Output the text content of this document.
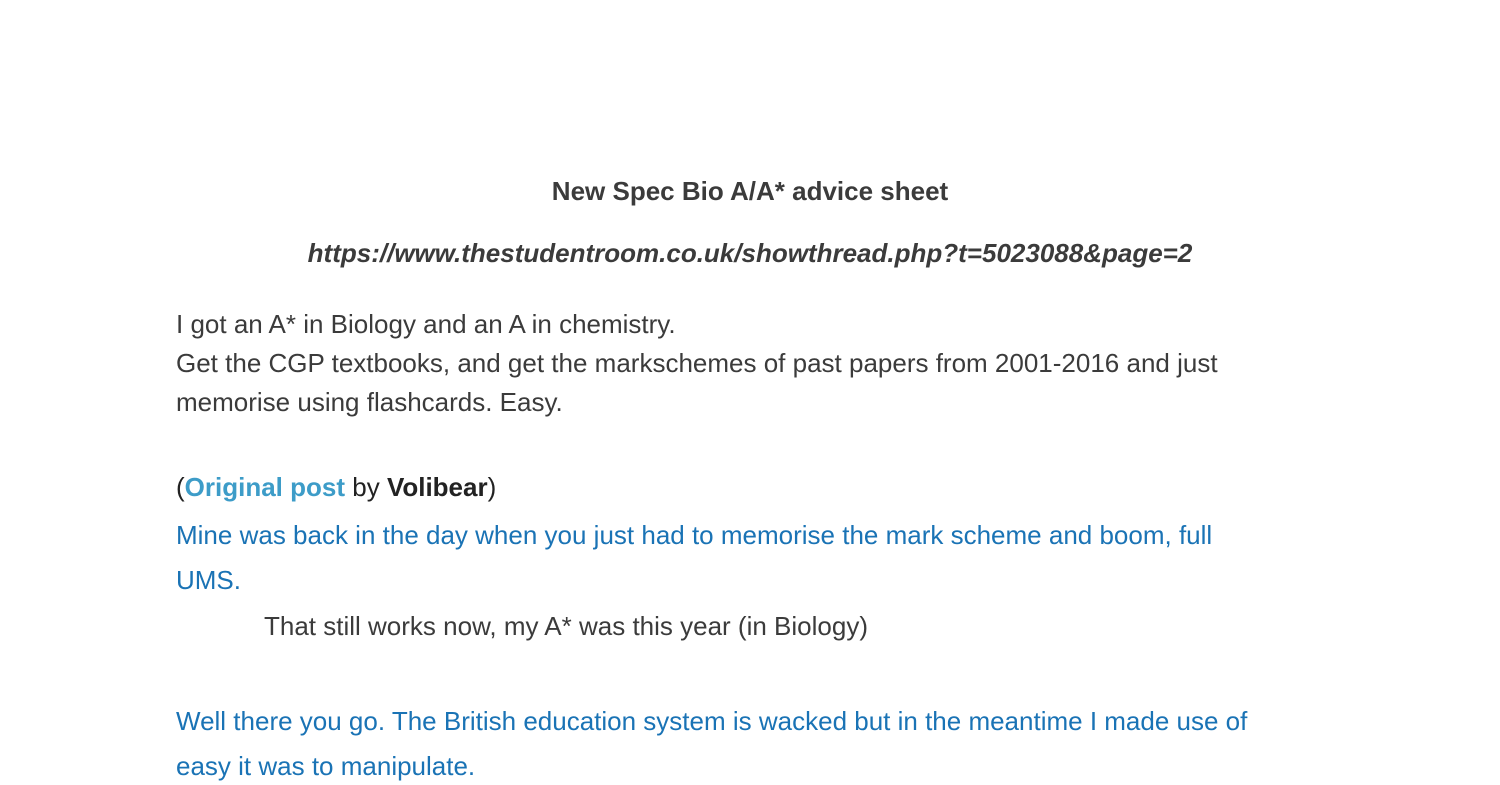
New Spec Bio A/A* advice sheet

https://www.thestudentroom.co.uk/showthread.php?t=5023088&page=2

I got an A* in Biology and an A in chemistry.
Get the CGP textbooks, and get the markschemes of past papers from 2001-2016 and just
memorise using flashcards. Easy.

(Original post by Volibear)

Mine was back in the day when you just had to memorise the mark scheme and boom, full
UMS.

That still works now, my A* was this year (in Biology)

Well there you go. The British education system is wacked but in the meantime I made use of
easy it was to manipulate.
